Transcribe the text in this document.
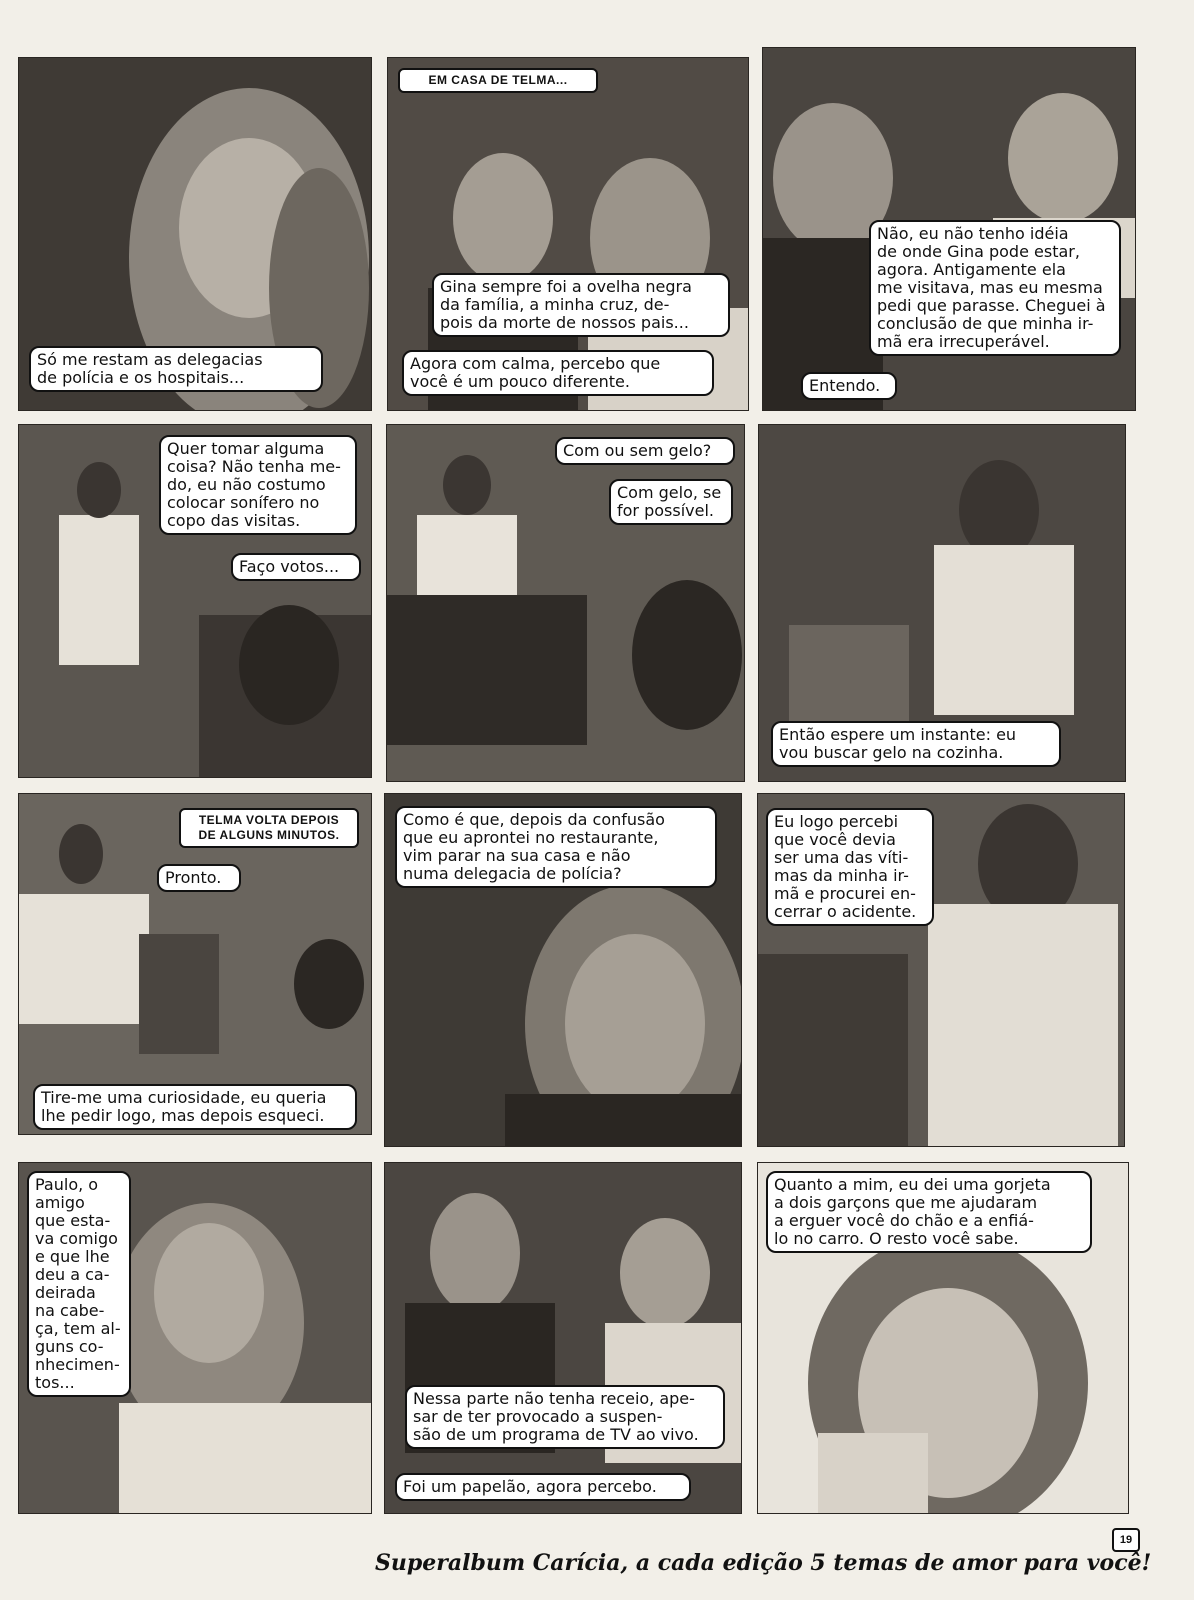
Só me restam as delegacias
de polícia e os hospitais...
EM CASA DE TELMA...
Gina sempre foi a ovelha negra
da família, a minha cruz, de-
pois da morte de nossos pais...
Agora com calma, percebo que
você é um pouco diferente.
Não, eu não tenho idéia
de onde Gina pode estar,
agora. Antigamente ela
me visitava, mas eu mesma
pedi que parasse. Cheguei à
conclusão de que minha ir-
mã era irrecuperável.
Entendo.
Quer tomar alguma
coisa? Não tenha me-
do, eu não costumo
colocar sonífero no
copo das visitas.
Faço votos...
Com ou sem gelo?
Com gelo, se
for possível.
Então espere um instante: eu
vou buscar gelo na cozinha.
TELMA VOLTA DEPOIS
DE ALGUNS MINUTOS.
Pronto.
Tire-me uma curiosidade, eu queria
lhe pedir logo, mas depois esqueci.
Como é que, depois da confusão
que eu aprontei no restaurante,
vim parar na sua casa e não
numa delegacia de polícia?
Eu logo percebi
que você devia
ser uma das víti-
mas da minha ir-
mã e procurei en-
cerrar o acidente.
Paulo, o
amigo
que esta-
va comigo
e que lhe
deu a ca-
deirada
na cabe-
ça, tem al-
guns co-
nhecimen-
tos...
Nessa parte não tenha receio, ape-
sar de ter provocado a suspen-
são de um programa de TV ao vivo.
Foi um papelão, agora percebo.
Quanto a mim, eu dei uma gorjeta
a dois garçons que me ajudaram
a erguer você do chão e a enfiá-
lo no carro. O resto você sabe.
19
Superalbum Carícia, a cada edição 5 temas de amor para você!
